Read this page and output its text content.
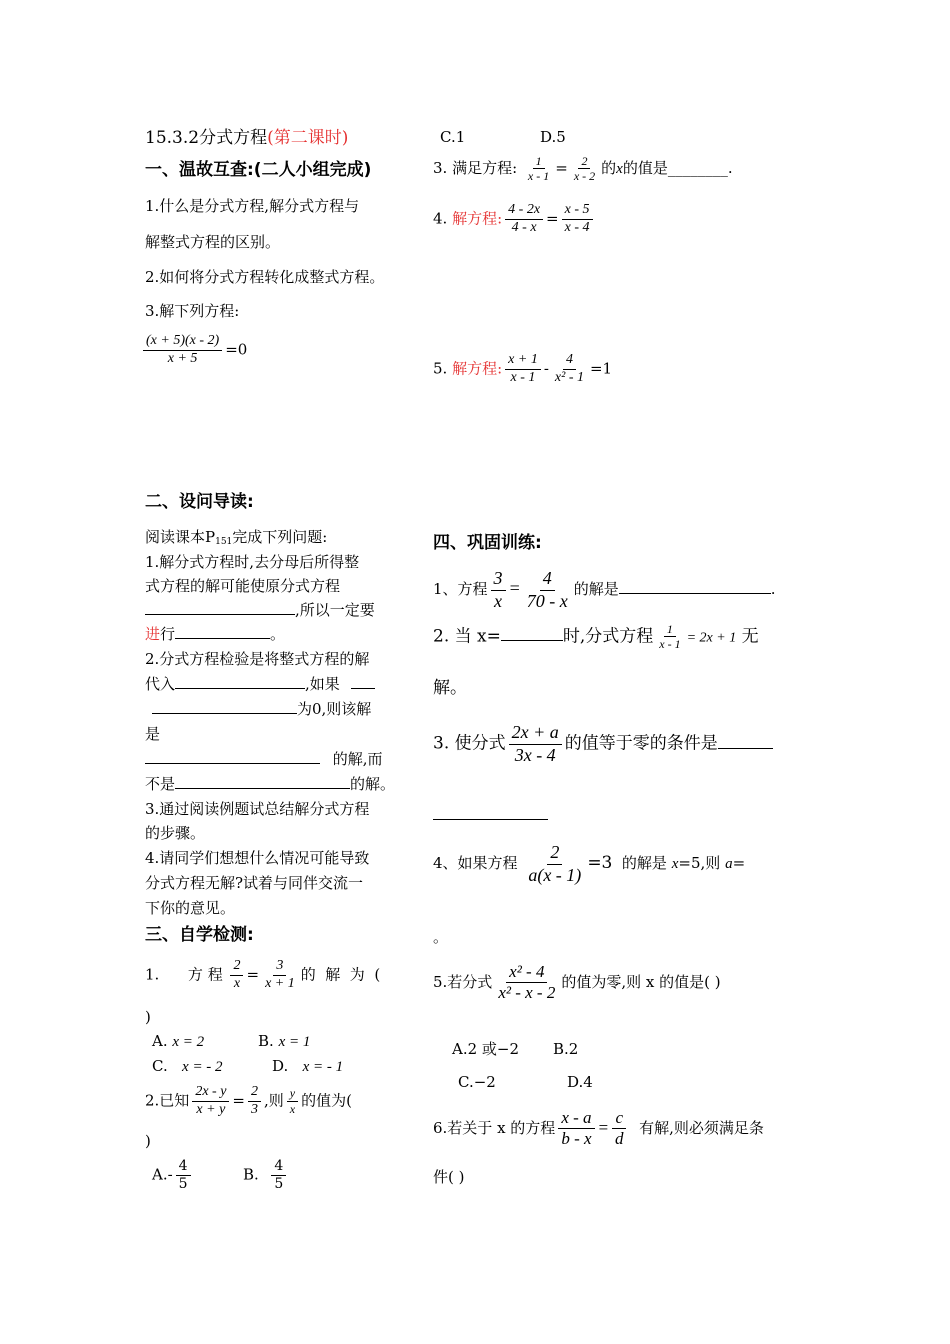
15.3.2分式方程(第二课时)
一、温故互查:(二人小组完成)
1.什么是分式方程,解分式方程与
解整式方程的区别。
2.如何将分式方程转化成整式方程。
3.解下列方程:
$\frac{(x + 5)(x - 2)}{x + 5} =0$
C.1	D.5
3. 满足方程: $\frac{1}{x - 1} = \frac{2}{x - 2}$ 的x的值是________.
4. 解方程: $\frac{4 - 2x}{4 - x} = \frac{x - 5}{x - 4}$
5. 解方程: $\frac{x + 1}{x - 1} - \frac{4}{\text{x² - 1}} =1$
二、设问导读:
阅读课本$P_{151}$完成下列问题:
1.解分式方程时,去分母后所得整
式方程的解可能使原分式方程
,所以一定要
进行	。
2.分式方程检验是将整式方程的解
代入	,如果
为0,则该解
是
的解,而
不是	的解。
3.通过阅读例题试总结解分式方程
的步骤。
4.请同学们想想什么情况可能导致
分式方程无解?试着与同伴交流一
下你的意见。
三、自学检测:
1.      方 程 $\frac{2}{x} = \frac{3}{x + 1}$ 的  解  为  (
)
A. x = 2	B. x = 1
C. x = - 2	D. x = - 1
2.已知 $\frac{2x - y}{x + y} = \frac{2}{3}$ ,则 $\frac{y}{x}$ 的值为(
)
$A.- \frac{4}{5}$	B. $\frac{4}{5}$
四、巩固训练:
1、方程 $\frac{3}{x} = \frac{4}{70 - x}$ 的解是	.
2. 当 x=	时,分式方程 $\frac{1}{x - 1} = 2x + 1$ 无
解。
3. 使分式 $\frac{2x + a}{3x - 4}$ 的值等于零的条件是
4、如果方程 $\frac{2}{a(x - 1)} =3$ 的解是 x=5,则 a=
。
5.若分式 $\frac{\text{x² - 4}}{\text{x² - x - 2}}$ 的值为零,则 x 的值是( )
A.2 或−2 B.2
C.−2	D.4
6.若关于 x 的方程 $\frac{x - a}{b - x} = \frac{c}{d}$ 有解,则必须满足条
件( )
